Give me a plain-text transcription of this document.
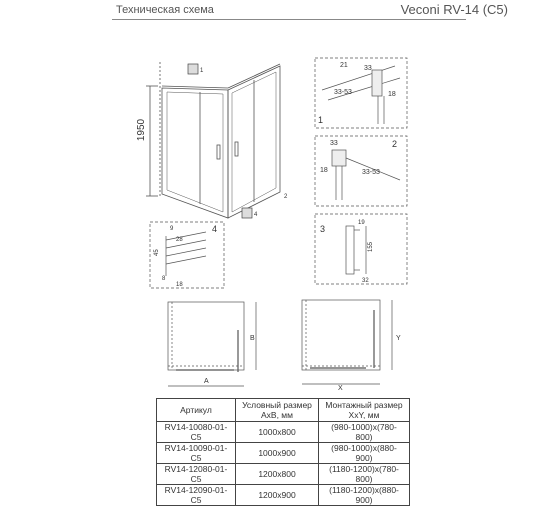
Техническая схема	Veconi RV-14 (C5)
1950
1
2
4
1
21 33
33-53	18
2
33
18	33-53
3
19
155
32
4
9
28
45
8
18
A
B
X
Y
Артикул	Условный размер АхВ, мм	Монтажный размер ХхY, мм
RV14-10080-01-C5	1000x800	(980-1000)x(780-800)
RV14-10090-01-C5	1000x900	(980-1000)x(880-900)
RV14-12080-01-C5	1200x800	(1180-1200)x(780-800)
RV14-12090-01-C5	1200x900	(1180-1200)x(880-900)
